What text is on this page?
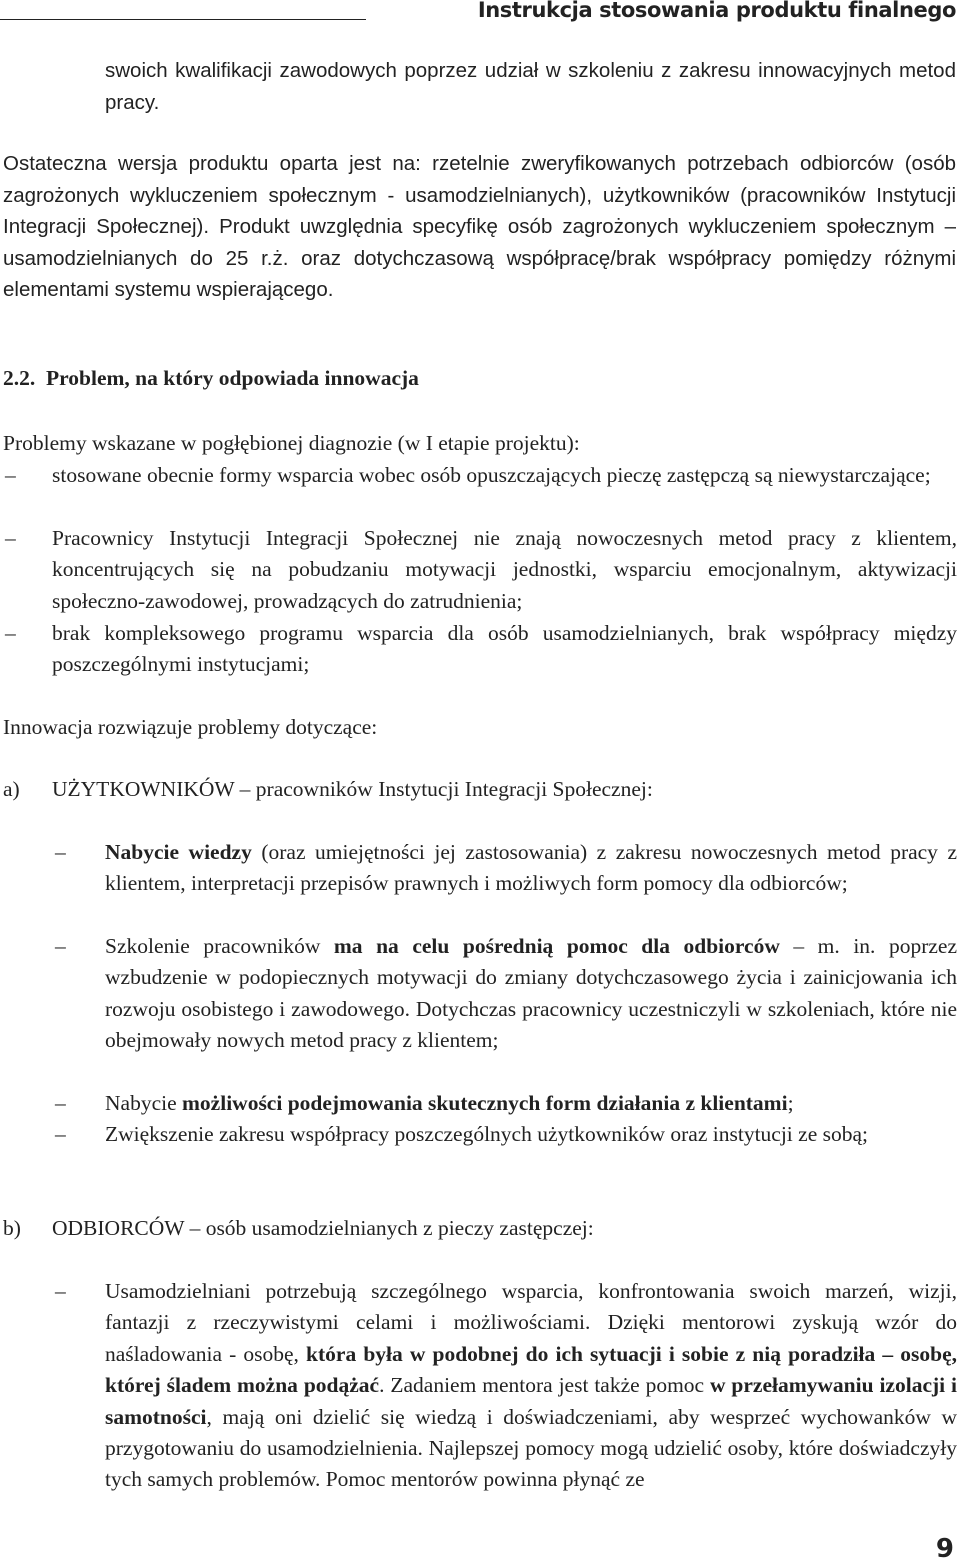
Instrukcja stosowania produktu finalnego

swoich kwalifikacji zawodowych poprzez udział w szkoleniu z zakresu innowacyjnych metod pracy.

Ostateczna wersja produktu oparta jest na: rzetelnie zweryfikowanych potrzebach odbiorców (osób zagrożonych wykluczeniem społecznym - usamodzielnianych), użytkowników (pracowników Instytucji Integracji Społecznej). Produkt uwzględnia specyfikę osób zagrożonych wykluczeniem społecznym – usamodzielnianych do 25 r.ż. oraz dotychczasową współpracę/brak współpracy pomiędzy różnymi elementami systemu wspierającego.

2.2. Problem, na który odpowiada innowacja
Problemy wskazane w pogłębionej diagnozie (w I etapie projektu):
– stosowane obecnie formy wsparcia wobec osób opuszczających pieczę zastępczą są niewystarczające;

– Pracownicy Instytucji Integracji Społecznej nie znają nowoczesnych metod pracy z klientem, koncentrujących się na pobudzaniu motywacji jednostki, wsparciu emocjonalnym, aktywizacji społeczno-zawodowej, prowadzących do zatrudnienia;

– brak kompleksowego programu wsparcia dla osób usamodzielnianych, brak współpracy między poszczególnymi instytucjami;

Innowacja rozwiązuje problemy dotyczące:
a) UŻYTKOWNIKÓW – pracowników Instytucji Integracji Społecznej:
– Nabycie wiedzy (oraz umiejętności jej zastosowania) z zakresu nowoczesnych metod pracy z klientem, interpretacji przepisów prawnych i możliwych form pomocy dla odbiorców;

– Szkolenie pracowników ma na celu pośrednią pomoc dla odbiorców – m. in. poprzez wzbudzenie w podopiecznych motywacji do zmiany dotychczasowego życia i zainicjowania ich rozwoju osobistego i zawodowego. Dotychczas pracownicy uczestniczyli w szkoleniach, które nie obejmowały nowych metod pracy z klientem;

– Nabycie możliwości podejmowania skutecznych form działania z klientami;

– Zwiększenie zakresu współpracy poszczególnych użytkowników oraz instytucji ze sobą;

b) ODBIORCÓW – osób usamodzielnianych z pieczy zastępczej:
– Usamodzielniani potrzebują szczególnego wsparcia, konfrontowania swoich marzeń, wizji, fantazji z rzeczywistymi celami i możliwościami. Dzięki mentorowi zyskują wzór do naśladowania - osobę, która była w podobnej do ich sytuacji i sobie z nią poradziła – osobę, której śladem można podążać. Zadaniem mentora jest także pomoc w przełamywaniu izolacji i samotności, mają oni dzielić się wiedzą i doświadczeniami, aby wesprzeć wychowanków w przygotowaniu do usamodzielnienia. Najlepszej pomocy mogą udzielić osoby, które doświadczyły tych samych problemów. Pomoc mentorów powinna płynąć ze

9
